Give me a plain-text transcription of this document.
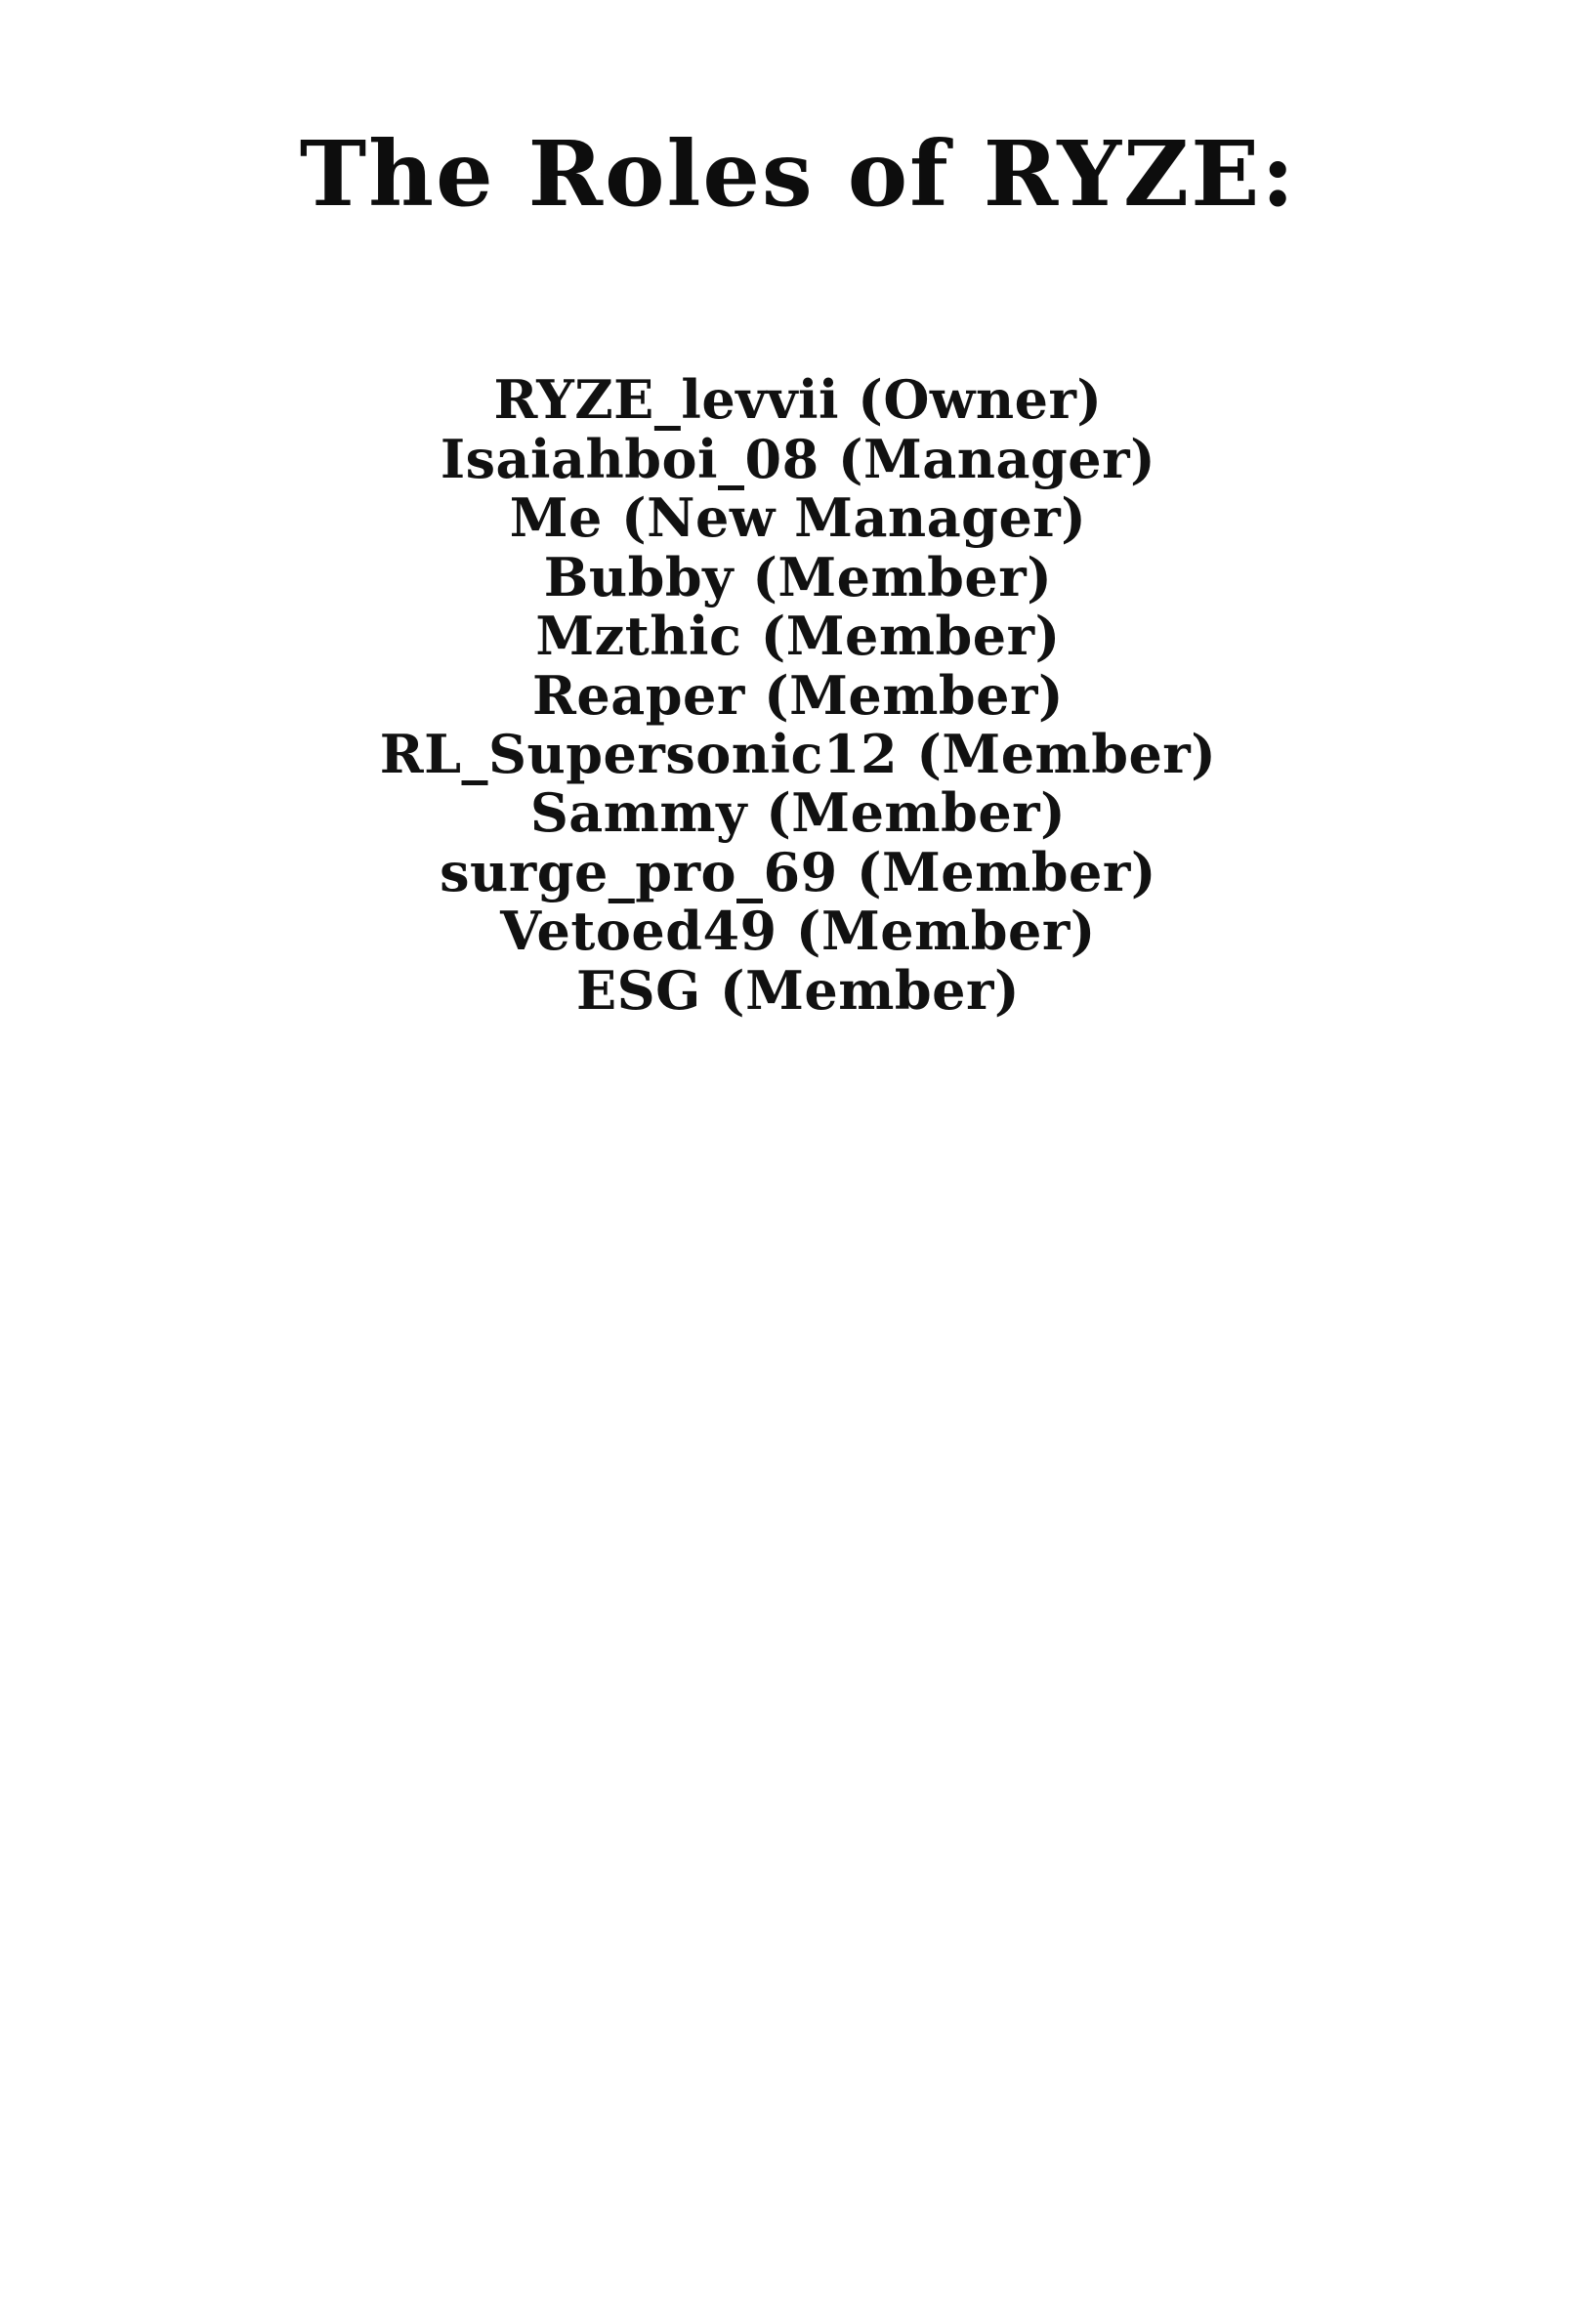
The Roles of RYZE:
RYZE_levvii (Owner)
Isaiahboi_08 (Manager)
Me (New Manager)
Bubby (Member)
Mzthic (Member)
Reaper (Member)
RL_Supersonic12 (Member)
Sammy (Member)
surge_pro_69 (Member)
Vetoed49 (Member)
ESG (Member)
